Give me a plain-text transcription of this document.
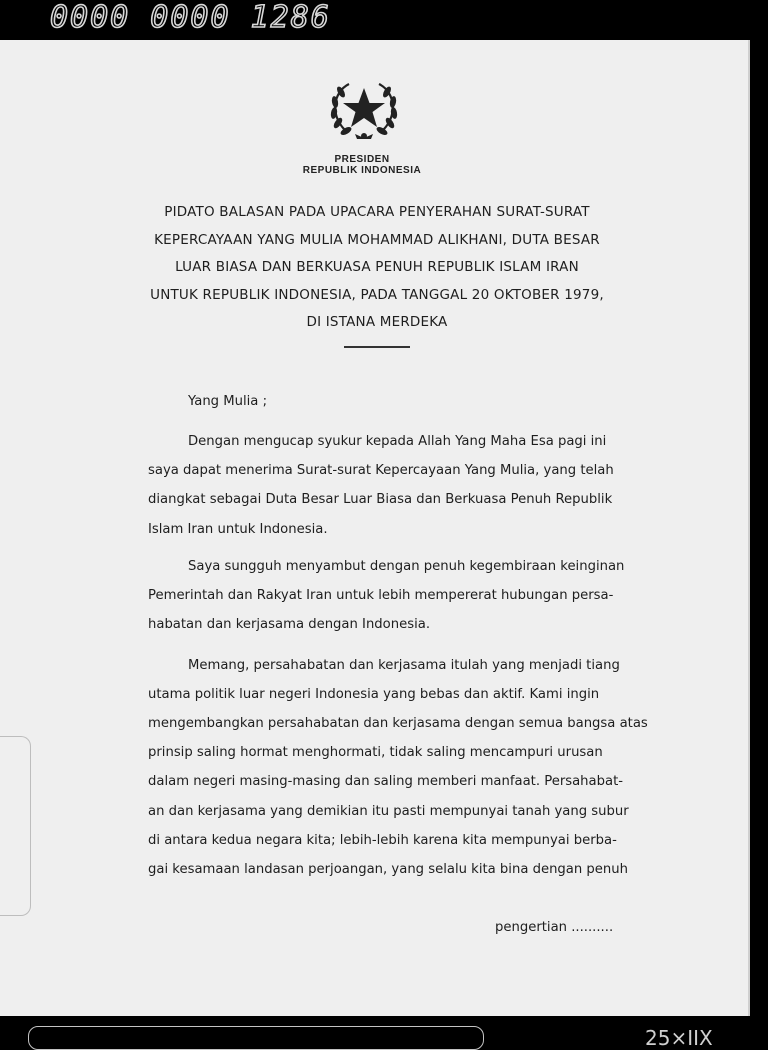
0000 0000 1286
PRESIDEN
REPUBLIK INDONESIA
PIDATO BALASAN PADA UPACARA PENYERAHAN SURAT-SURAT
KEPERCAYAAN YANG MULIA MOHAMMAD ALIKHANI, DUTA BESAR
LUAR BIASA DAN BERKUASA PENUH REPUBLIK ISLAM IRAN
UNTUK REPUBLIK INDONESIA, PADA TANGGAL 20 OKTOBER 1979,
DI ISTANA MERDEKA
Yang Mulia ;
Dengan mengucap syukur kepada Allah Yang Maha Esa pagi ini
saya dapat menerima Surat-surat Kepercayaan Yang Mulia, yang telah
diangkat sebagai Duta Besar Luar Biasa dan Berkuasa Penuh Republik
Islam Iran untuk Indonesia.
Saya sungguh menyambut dengan penuh kegembiraan keinginan
Pemerintah dan Rakyat Iran untuk lebih mempererat hubungan persa-
habatan dan kerjasama dengan Indonesia.
Memang, persahabatan dan kerjasama itulah yang menjadi tiang
utama politik luar negeri Indonesia yang bebas dan aktif. Kami ingin
mengembangkan persahabatan dan kerjasama dengan semua bangsa atas
prinsip saling hormat menghormati, tidak saling mencampuri urusan
dalam negeri masing-masing dan saling memberi manfaat. Persahabat-
an dan kerjasama yang demikian itu pasti mempunyai tanah yang subur
di antara kedua negara kita; lebih-lebih karena kita mempunyai berba-
gai kesamaan landasan perjoangan, yang selalu kita bina dengan penuh
pengertian ..........
25×IIX
